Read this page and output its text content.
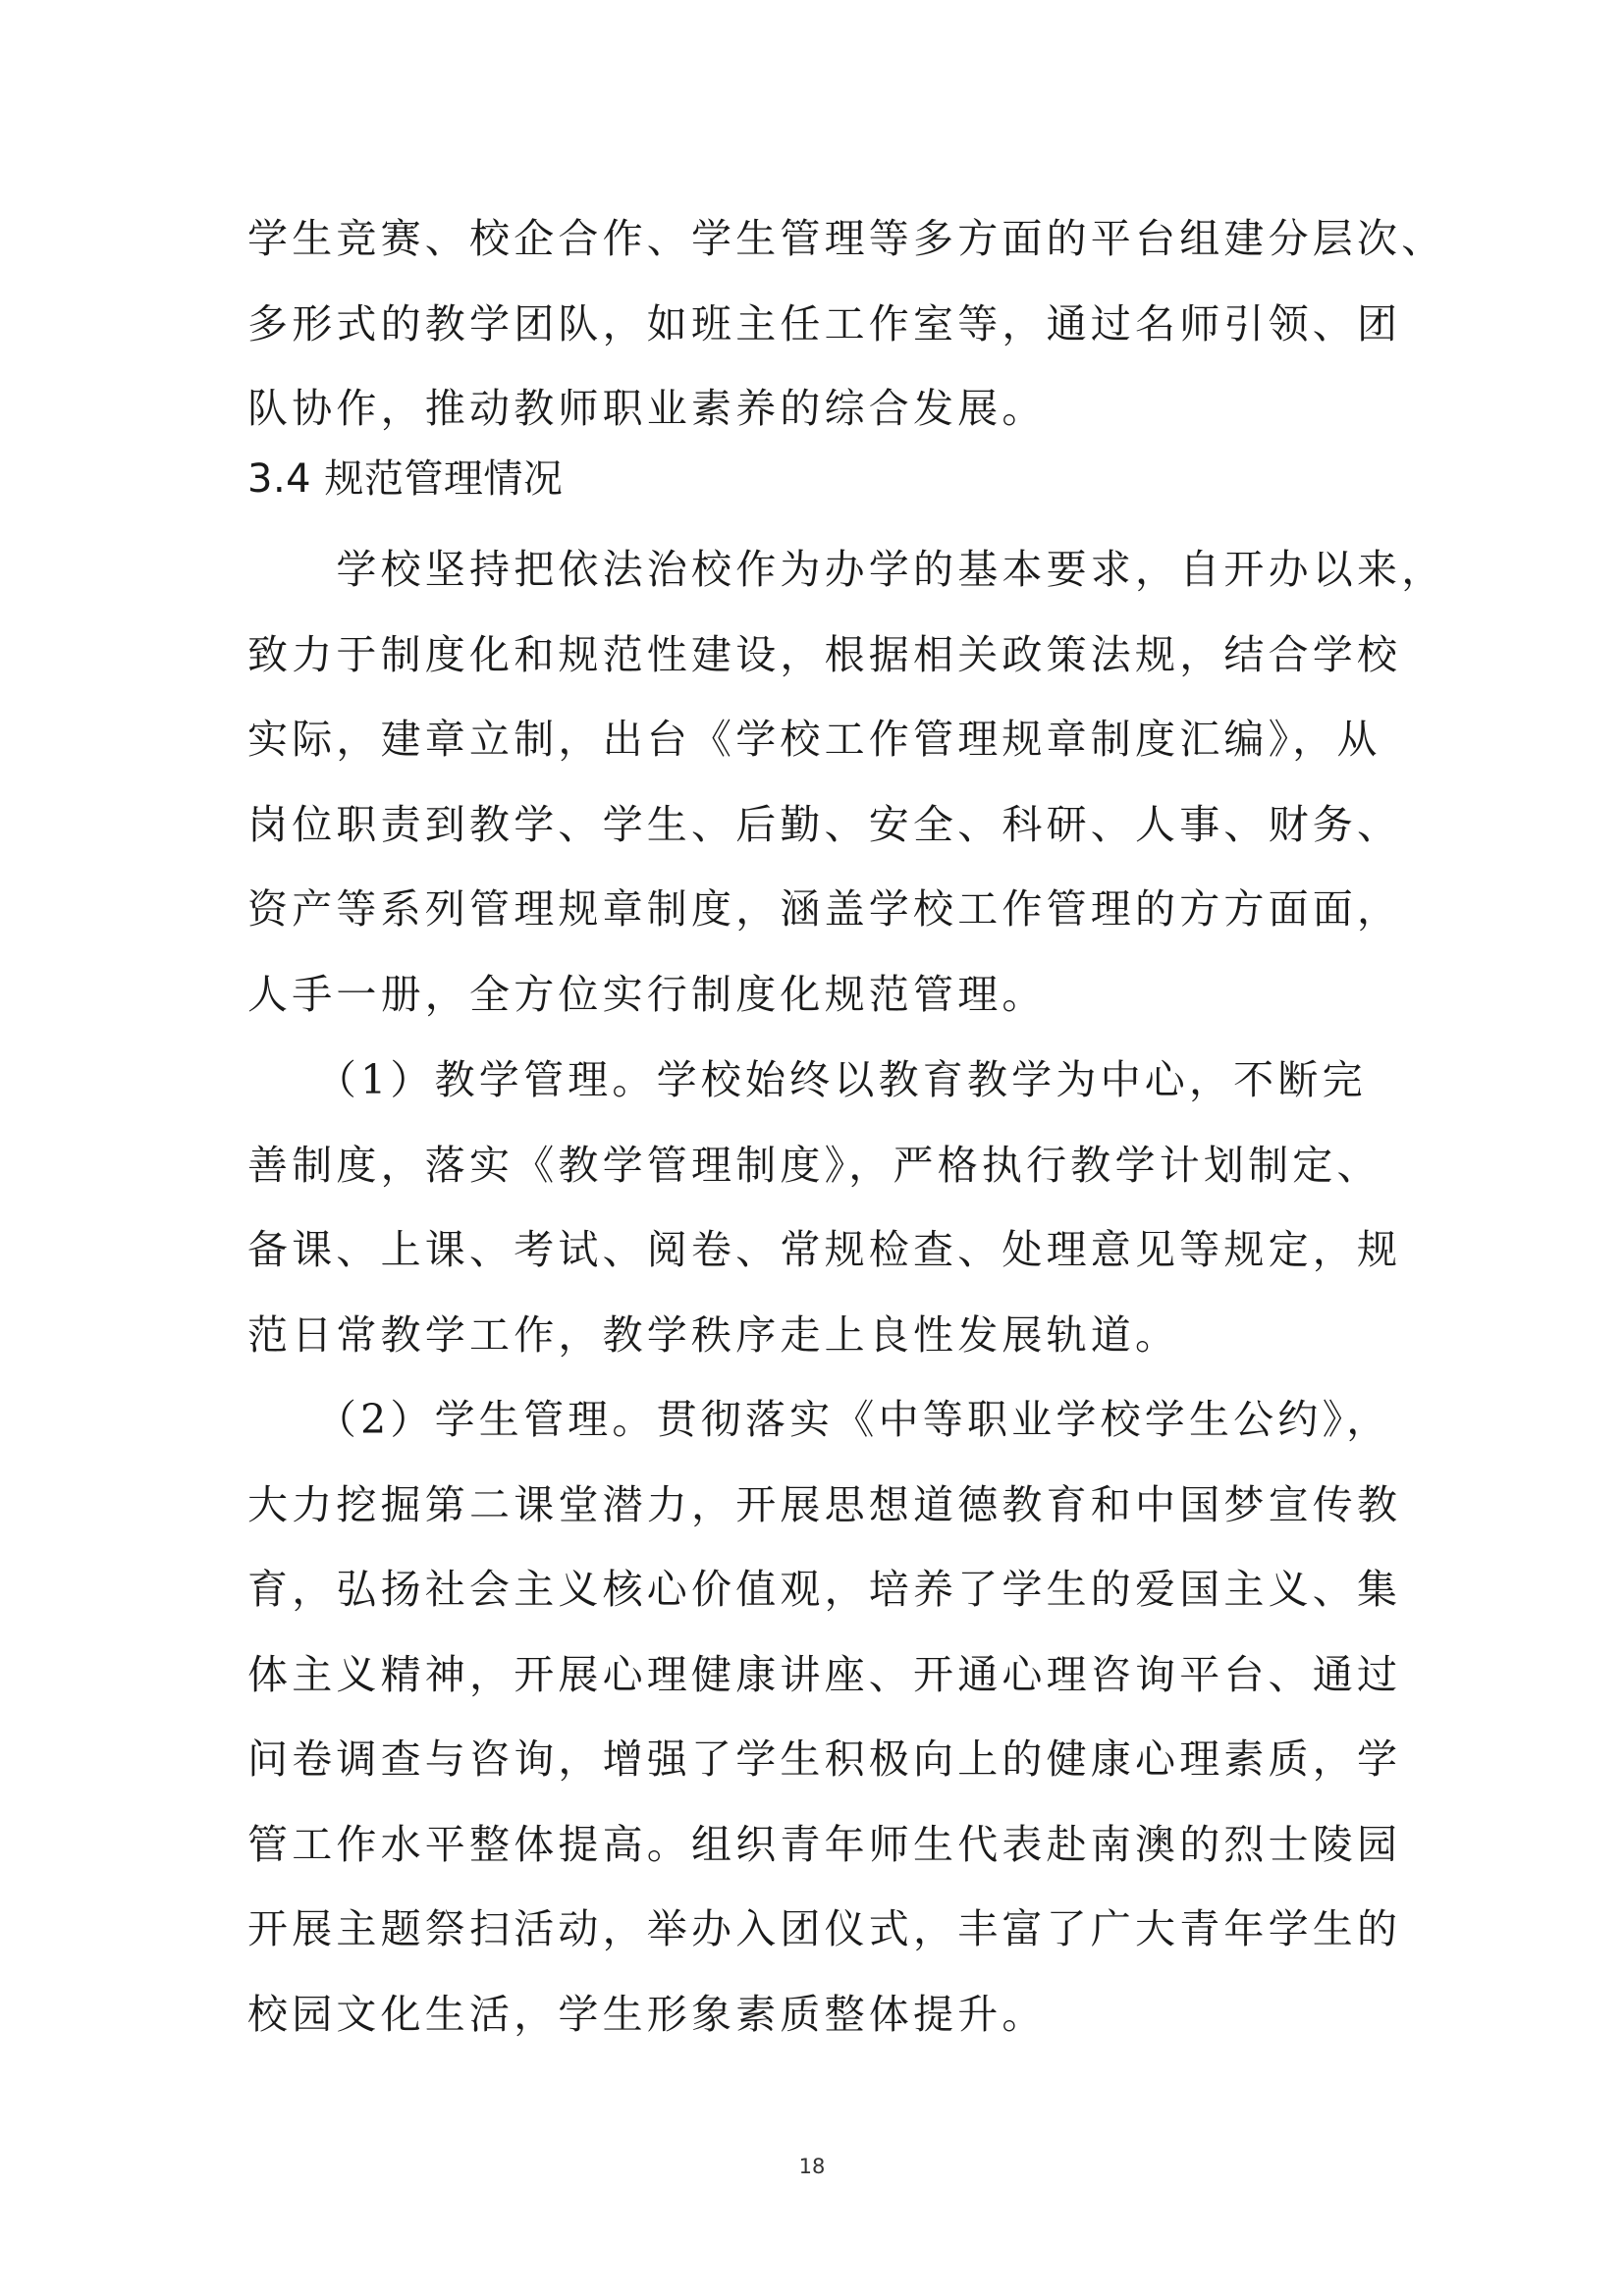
学生竞赛、校企合作、学生管理等多方面的平台组建分层次、
多形式的教学团队，如班主任工作室等，通过名师引领、团
队协作，推动教师职业素养的综合发展。
3.4 规范管理情况
　　学校坚持把依法治校作为办学的基本要求，自开办以来，
致力于制度化和规范性建设，根据相关政策法规，结合学校
实际，建章立制，出台《学校工作管理规章制度汇编》，从
岗位职责到教学、学生、后勤、安全、科研、人事、财务、
资产等系列管理规章制度，涵盖学校工作管理的方方面面，
人手一册，全方位实行制度化规范管理。
　　（1）教学管理。学校始终以教育教学为中心，不断完
善制度，落实《教学管理制度》，严格执行教学计划制定、
备课、上课、考试、阅卷、常规检查、处理意见等规定，规
范日常教学工作，教学秩序走上良性发展轨道。
　　（2）学生管理。贯彻落实《中等职业学校学生公约》，
大力挖掘第二课堂潜力，开展思想道德教育和中国梦宣传教
育，弘扬社会主义核心价值观，培养了学生的爱国主义、集
体主义精神，开展心理健康讲座、开通心理咨询平台、通过
问卷调查与咨询，增强了学生积极向上的健康心理素质，学
管工作水平整体提高。组织青年师生代表赴南澳的烈士陵园
开展主题祭扫活动，举办入团仪式，丰富了广大青年学生的
校园文化生活，学生形象素质整体提升。
18
